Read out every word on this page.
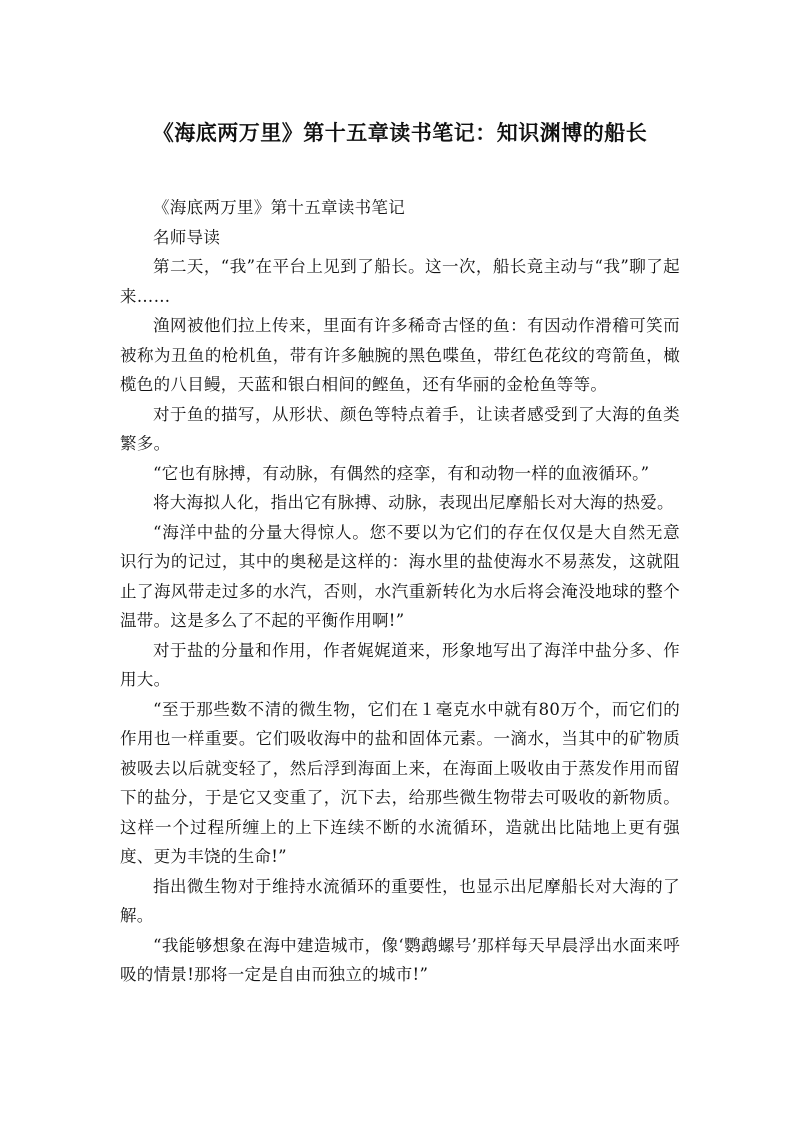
《海底两万里》第十五章读书笔记：知识渊博的船长

《海底两万里》第十五章读书笔记

名师导读

第二天，“我”在平台上见到了船长。这一次，船长竟主动与“我”聊了起来……

渔网被他们拉上传来，里面有许多稀奇古怪的鱼：有因动作滑稽可笑而被称为丑鱼的枪机鱼，带有许多触腕的黑色喋鱼，带红色花纹的弯箭鱼，橄榄色的八目鳗，天蓝和银白相间的鲣鱼，还有华丽的金枪鱼等等。

对于鱼的描写，从形状、颜色等特点着手，让读者感受到了大海的鱼类繁多。

“它也有脉搏，有动脉，有偶然的痉挛，有和动物一样的血液循环。”

将大海拟人化，指出它有脉搏、动脉，表现出尼摩船长对大海的热爱。

“海洋中盐的分量大得惊人。您不要以为它们的存在仅仅是大自然无意识行为的记过，其中的奥秘是这样的：海水里的盐使海水不易蒸发，这就阻止了海风带走过多的水汽，否则，水汽重新转化为水后将会淹没地球的整个温带。这是多么了不起的平衡作用啊!”

对于盐的分量和作用，作者娓娓道来，形象地写出了海洋中盐分多、作用大。

“至于那些数不清的微生物，它们在１毫克水中就有80万个，而它们的作用也一样重要。它们吸收海中的盐和固体元素。一滴水，当其中的矿物质被吸去以后就变轻了，然后浮到海面上来，在海面上吸收由于蒸发作用而留下的盐分，于是它又变重了，沉下去，给那些微生物带去可吸收的新物质。这样一个过程所缠上的上下连续不断的水流循环，造就出比陆地上更有强度、更为丰饶的生命!”

指出微生物对于维持水流循环的重要性，也显示出尼摩船长对大海的了解。

“我能够想象在海中建造城市，像‘鹦鹉螺号’那样每天早晨浮出水面来呼吸的情景!那将一定是自由而独立的城市!”
